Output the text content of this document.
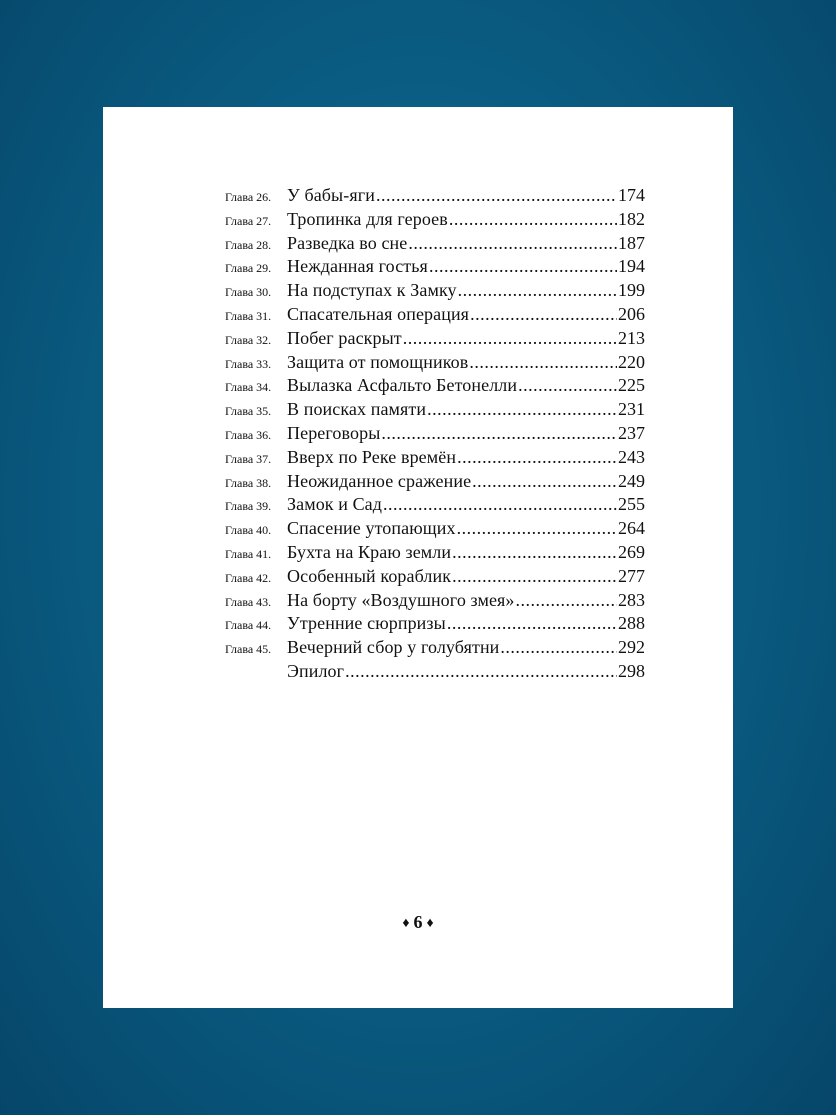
Глава 26. У бабы-яги .....	174
Глава 27. Тропинка для героев .....	182
Глава 28. Разведка во сне .....	187
Глава 29. Нежданная гостья .....	194
Глава 30. На подступах к Замку .....	199
Глава 31. Спасательная операция .....	206
Глава 32. Побег раскрыт .....	213
Глава 33. Защита от помощников .....	220
Глава 34. Вылазка Асфальто Бетонелли .....	225
Глава 35. В поисках памяти .....	231
Глава 36. Переговоры .....	237
Глава 37. Вверх по Реке времён .....	243
Глава 38. Неожиданное сражение .....	249
Глава 39. Замок и Сад .....	255
Глава 40. Спасение утопающих .....	264
Глава 41. Бухта на Краю земли .....	269
Глава 42. Особенный кораблик .....	277
Глава 43. На борту «Воздушного змея» .....	283
Глава 44. Утренние сюрпризы .....	288
Глава 45. Вечерний сбор у голубятни .....	292
Эпилог .....	298
♦ 6 ♦
